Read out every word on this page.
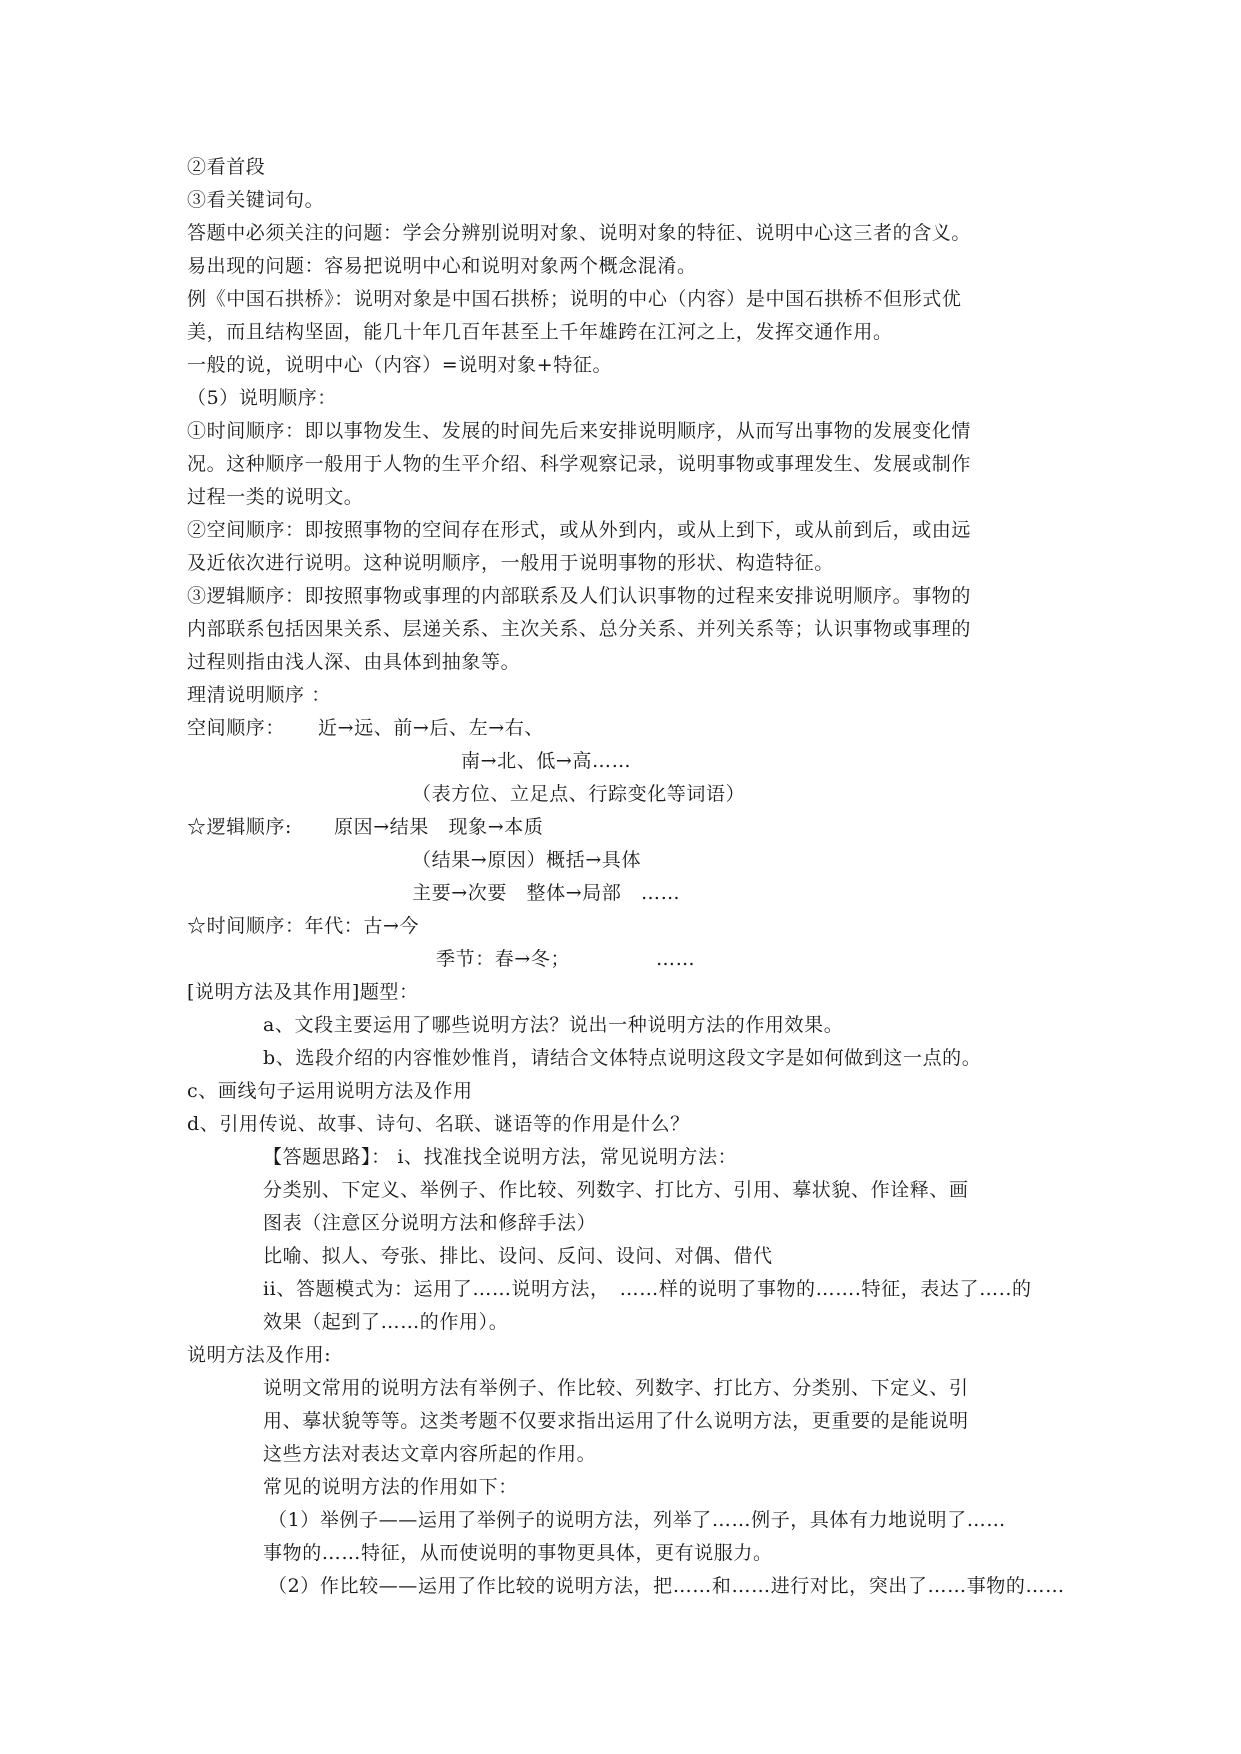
②看首段
③看关键词句。
答题中必须关注的问题：学会分辨别说明对象、说明对象的特征、说明中心这三者的含义。
易出现的问题：容易把说明中心和说明对象两个概念混淆。
例《中国石拱桥》：说明对象是中国石拱桥；说明的中心（内容）是中国石拱桥不但形式优
美，而且结构坚固，能几十年几百年甚至上千年雄跨在江河之上，发挥交通作用。
一般的说，说明中心（内容）=说明对象+特征。
（5）说明顺序：
①时间顺序：即以事物发生、发展的时间先后来安排说明顺序，从而写出事物的发展变化情
况。这种顺序一般用于人物的生平介绍、科学观察记录，说明事物或事理发生、发展或制作
过程一类的说明文。
②空间顺序：即按照事物的空间存在形式，或从外到内，或从上到下，或从前到后，或由远
及近依次进行说明。这种说明顺序，一般用于说明事物的形状、构造特征。
③逻辑顺序：即按照事物或事理的内部联系及人们认识事物的过程来安排说明顺序。事物的
内部联系包括因果关系、层递关系、主次关系、总分关系、并列关系等；认识事物或事理的
过程则指由浅人深、由具体到抽象等。
理清说明顺序 ：
空间顺序： 近→远、前→后、左→右、
南→北、低→高……
（表方位、立足点、行踪变化等词语）
☆逻辑顺序: 原因→结果　现象→本质
（结果→原因）概括→具体
主要→次要　整体→局部　……
☆时间顺序：年代：古→今
季节：春→冬；	……
[说明方法及其作用]题型：
a、文段主要运用了哪些说明方法？说出一种说明方法的作用效果。
b、选段介绍的内容惟妙惟肖，请结合文体特点说明这段文字是如何做到这一点的。
c、画线句子运用说明方法及作用
d、引用传说、故事、诗句、名联、谜语等的作用是什么？
【答题思路】： i、找准找全说明方法，常见说明方法：
分类别、下定义、举例子、作比较、列数字、打比方、引用、摹状貌、作诠释、画
图表（注意区分说明方法和修辞手法）
比喻、拟人、夸张、排比、设问、反问、设问、对偶、借代
ii、答题模式为：运用了……说明方法，　……样的说明了事物的…….特征，表达了…..的
效果（起到了……的作用）。
说明方法及作用:
说明文常用的说明方法有举例子、作比较、列数字、打比方、分类别、下定义、引
用、摹状貌等等。这类考题不仅要求指出运用了什么说明方法，更重要的是能说明
这些方法对表达文章内容所起的作用。
常见的说明方法的作用如下：
（1）举例子——运用了举例子的说明方法，列举了……例子，具体有力地说明了……
事物的……特征，从而使说明的事物更具体，更有说服力。
（2）作比较——运用了作比较的说明方法，把……和……进行对比，突出了……事物的……
